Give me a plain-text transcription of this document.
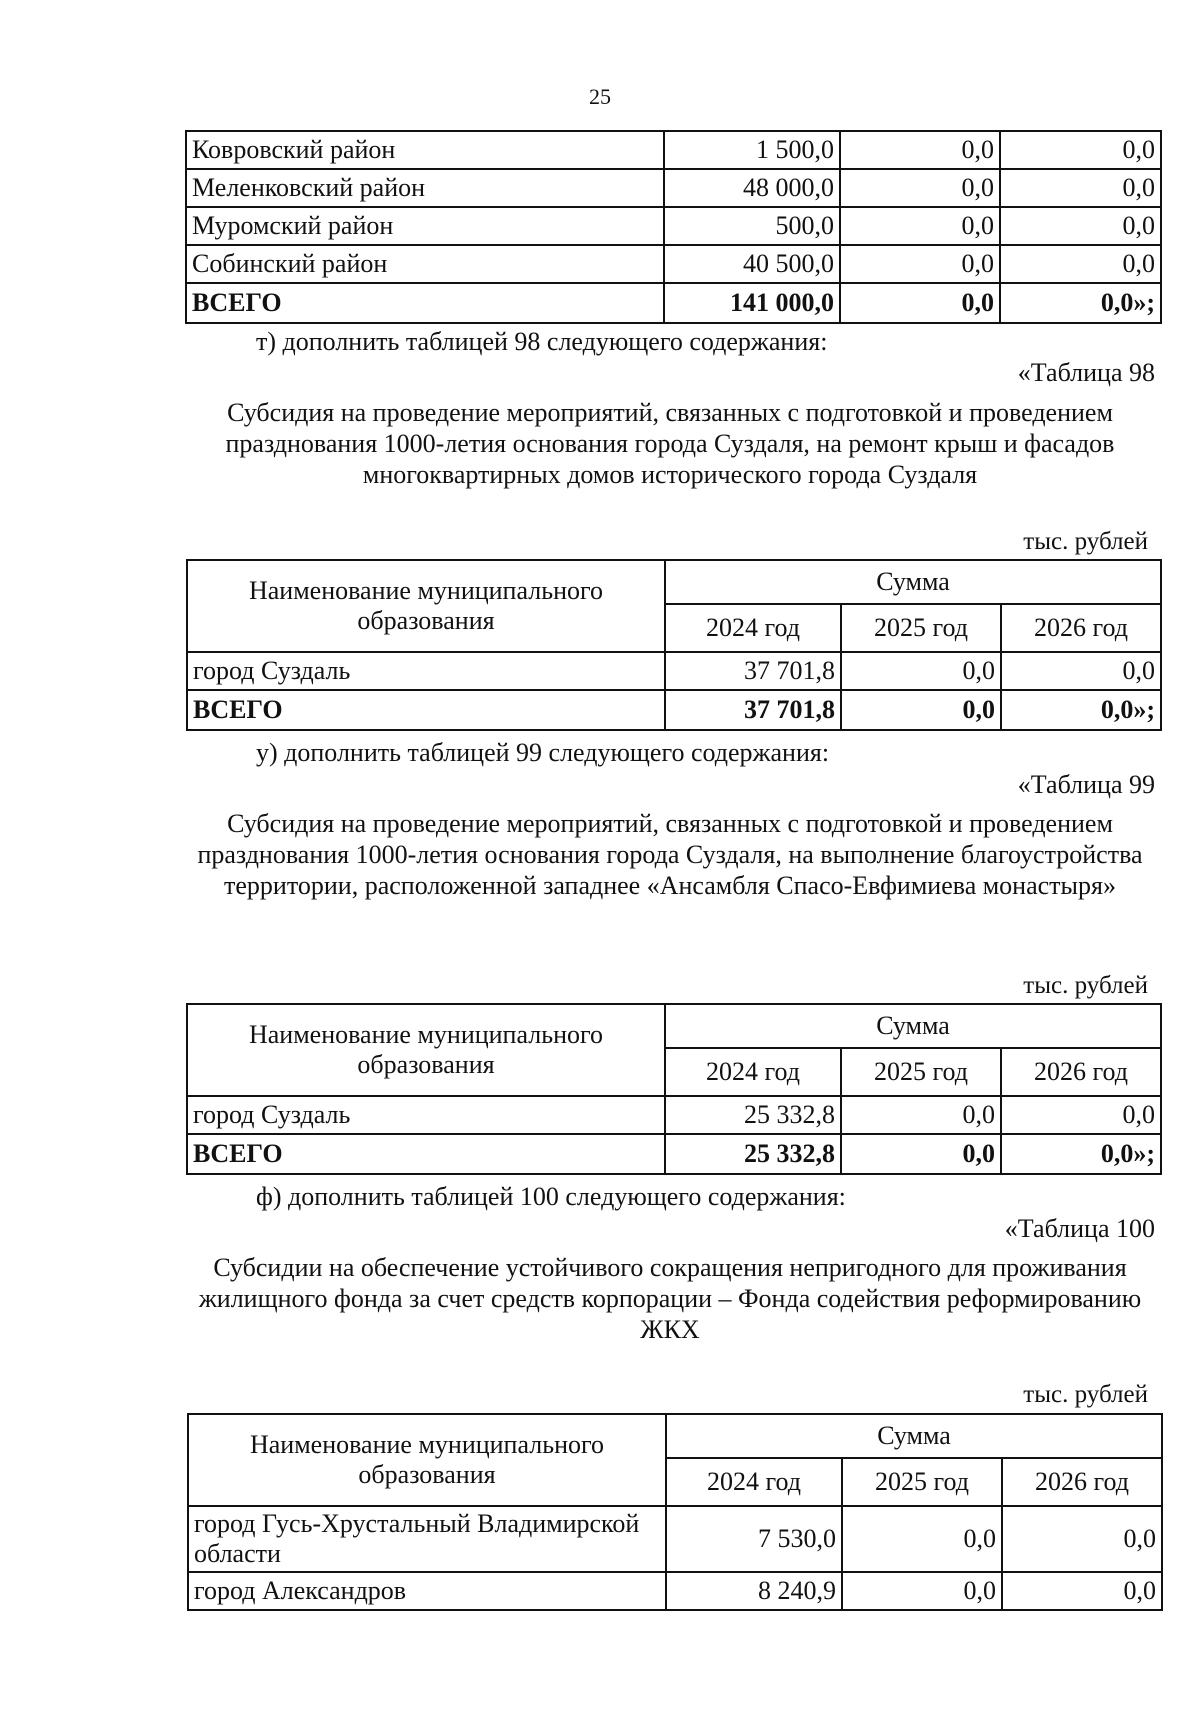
25
Ковровский район	1 500,0	0,0	0,0
Меленковский район	48 000,0	0,0	0,0
Муромский район	500,0	0,0	0,0
Собинский район	40 500,0	0,0	0,0
ВСЕГО	141 000,0	0,0	0,0»;
т) дополнить таблицей 98 следующего содержания:
«Таблица 98
Субсидия на проведение мероприятий, связанных с подготовкой и проведением празднования 1000-летия основания города Суздаля, на ремонт крыш и фасадов многоквартирных домов исторического города Суздаля
тыс. рублей
Наименование муниципального образования	Сумма		
	2024 год	2025 год	2026 год
город Суздаль	37 701,8	0,0	0,0
ВСЕГО	37 701,8	0,0	0,0»;
у) дополнить таблицей 99 следующего содержания:
«Таблица 99
Субсидия на проведение мероприятий, связанных с подготовкой и проведением празднования 1000-летия основания города Суздаля, на выполнение благоустройства территории, расположенной западнее «Ансамбля Спасо-Евфимиева монастыря»
тыс. рублей
Наименование муниципального образования	Сумма		
	2024 год	2025 год	2026 год
город Суздаль	25 332,8	0,0	0,0
ВСЕГО	25 332,8	0,0	0,0»;
ф) дополнить таблицей 100 следующего содержания:
«Таблица 100
Субсидии на обеспечение устойчивого сокращения непригодного для проживания жилищного фонда за счет средств корпорации – Фонда содействия реформированию ЖКХ
тыс. рублей
Наименование муниципального образования	Сумма		
	2024 год	2025 год	2026 год
город Гусь-Хрустальный Владимирской области	7 530,0	0,0	0,0
город Александров	8 240,9	0,0	0,0
